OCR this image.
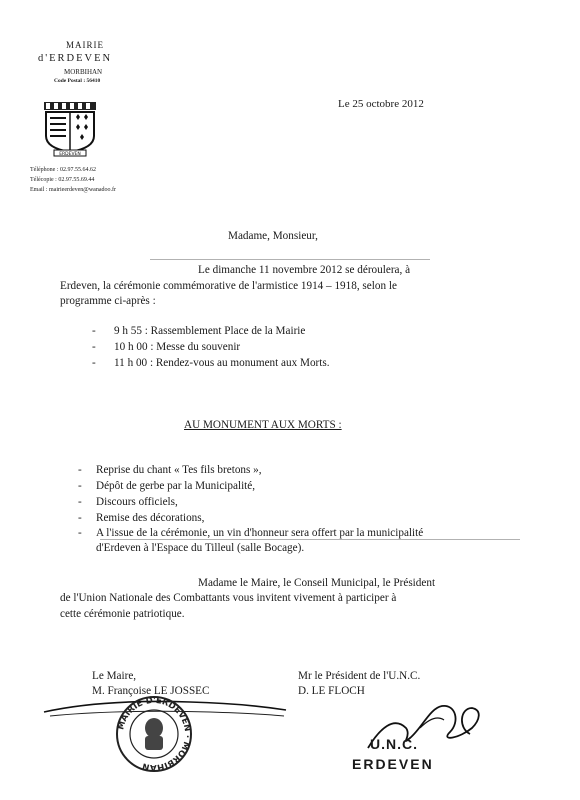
MAIRIE
d'ERDEVEN
MORBIHAN
Code Postal : 56410
ERDEVEN
Téléphone : 02.97.55.64.62
Télécopie : 02.97.55.69.44
Email : mairieerdeven@wanadoo.fr
Le 25 octobre 2012
Madame, Monsieur,
Le dimanche 11 novembre 2012 se déroulera, à
Erdeven, la cérémonie commémorative de l'armistice 1914 – 1918, selon le
programme ci-après :
- 9 h 55 : Rassemblement Place de la Mairie
- 10 h 00 : Messe du souvenir
- 11 h 00 : Rendez-vous au monument aux Morts.
AU MONUMENT AUX MORTS :
- Reprise du chant « Tes fils bretons »,
- Dépôt de gerbe par la Municipalité,
- Discours officiels,
- Remise des décorations,
- A l'issue de la cérémonie, un vin d'honneur sera offert par la municipalité
d'Erdeven à l'Espace du Tilleul (salle Bocage).
Madame le Maire, le Conseil Municipal, le Président
de l'Union Nationale des Combattants vous invitent vivement à participer à
cette cérémonie patriotique.
Le Maire,
M. Françoise LE JOSSEC
Mr le Président de l'U.N.C.
D. LE FLOCH
MAIRIE D'ERDEVEN · MORBIHAN
U.N.C.
ERDEVEN
